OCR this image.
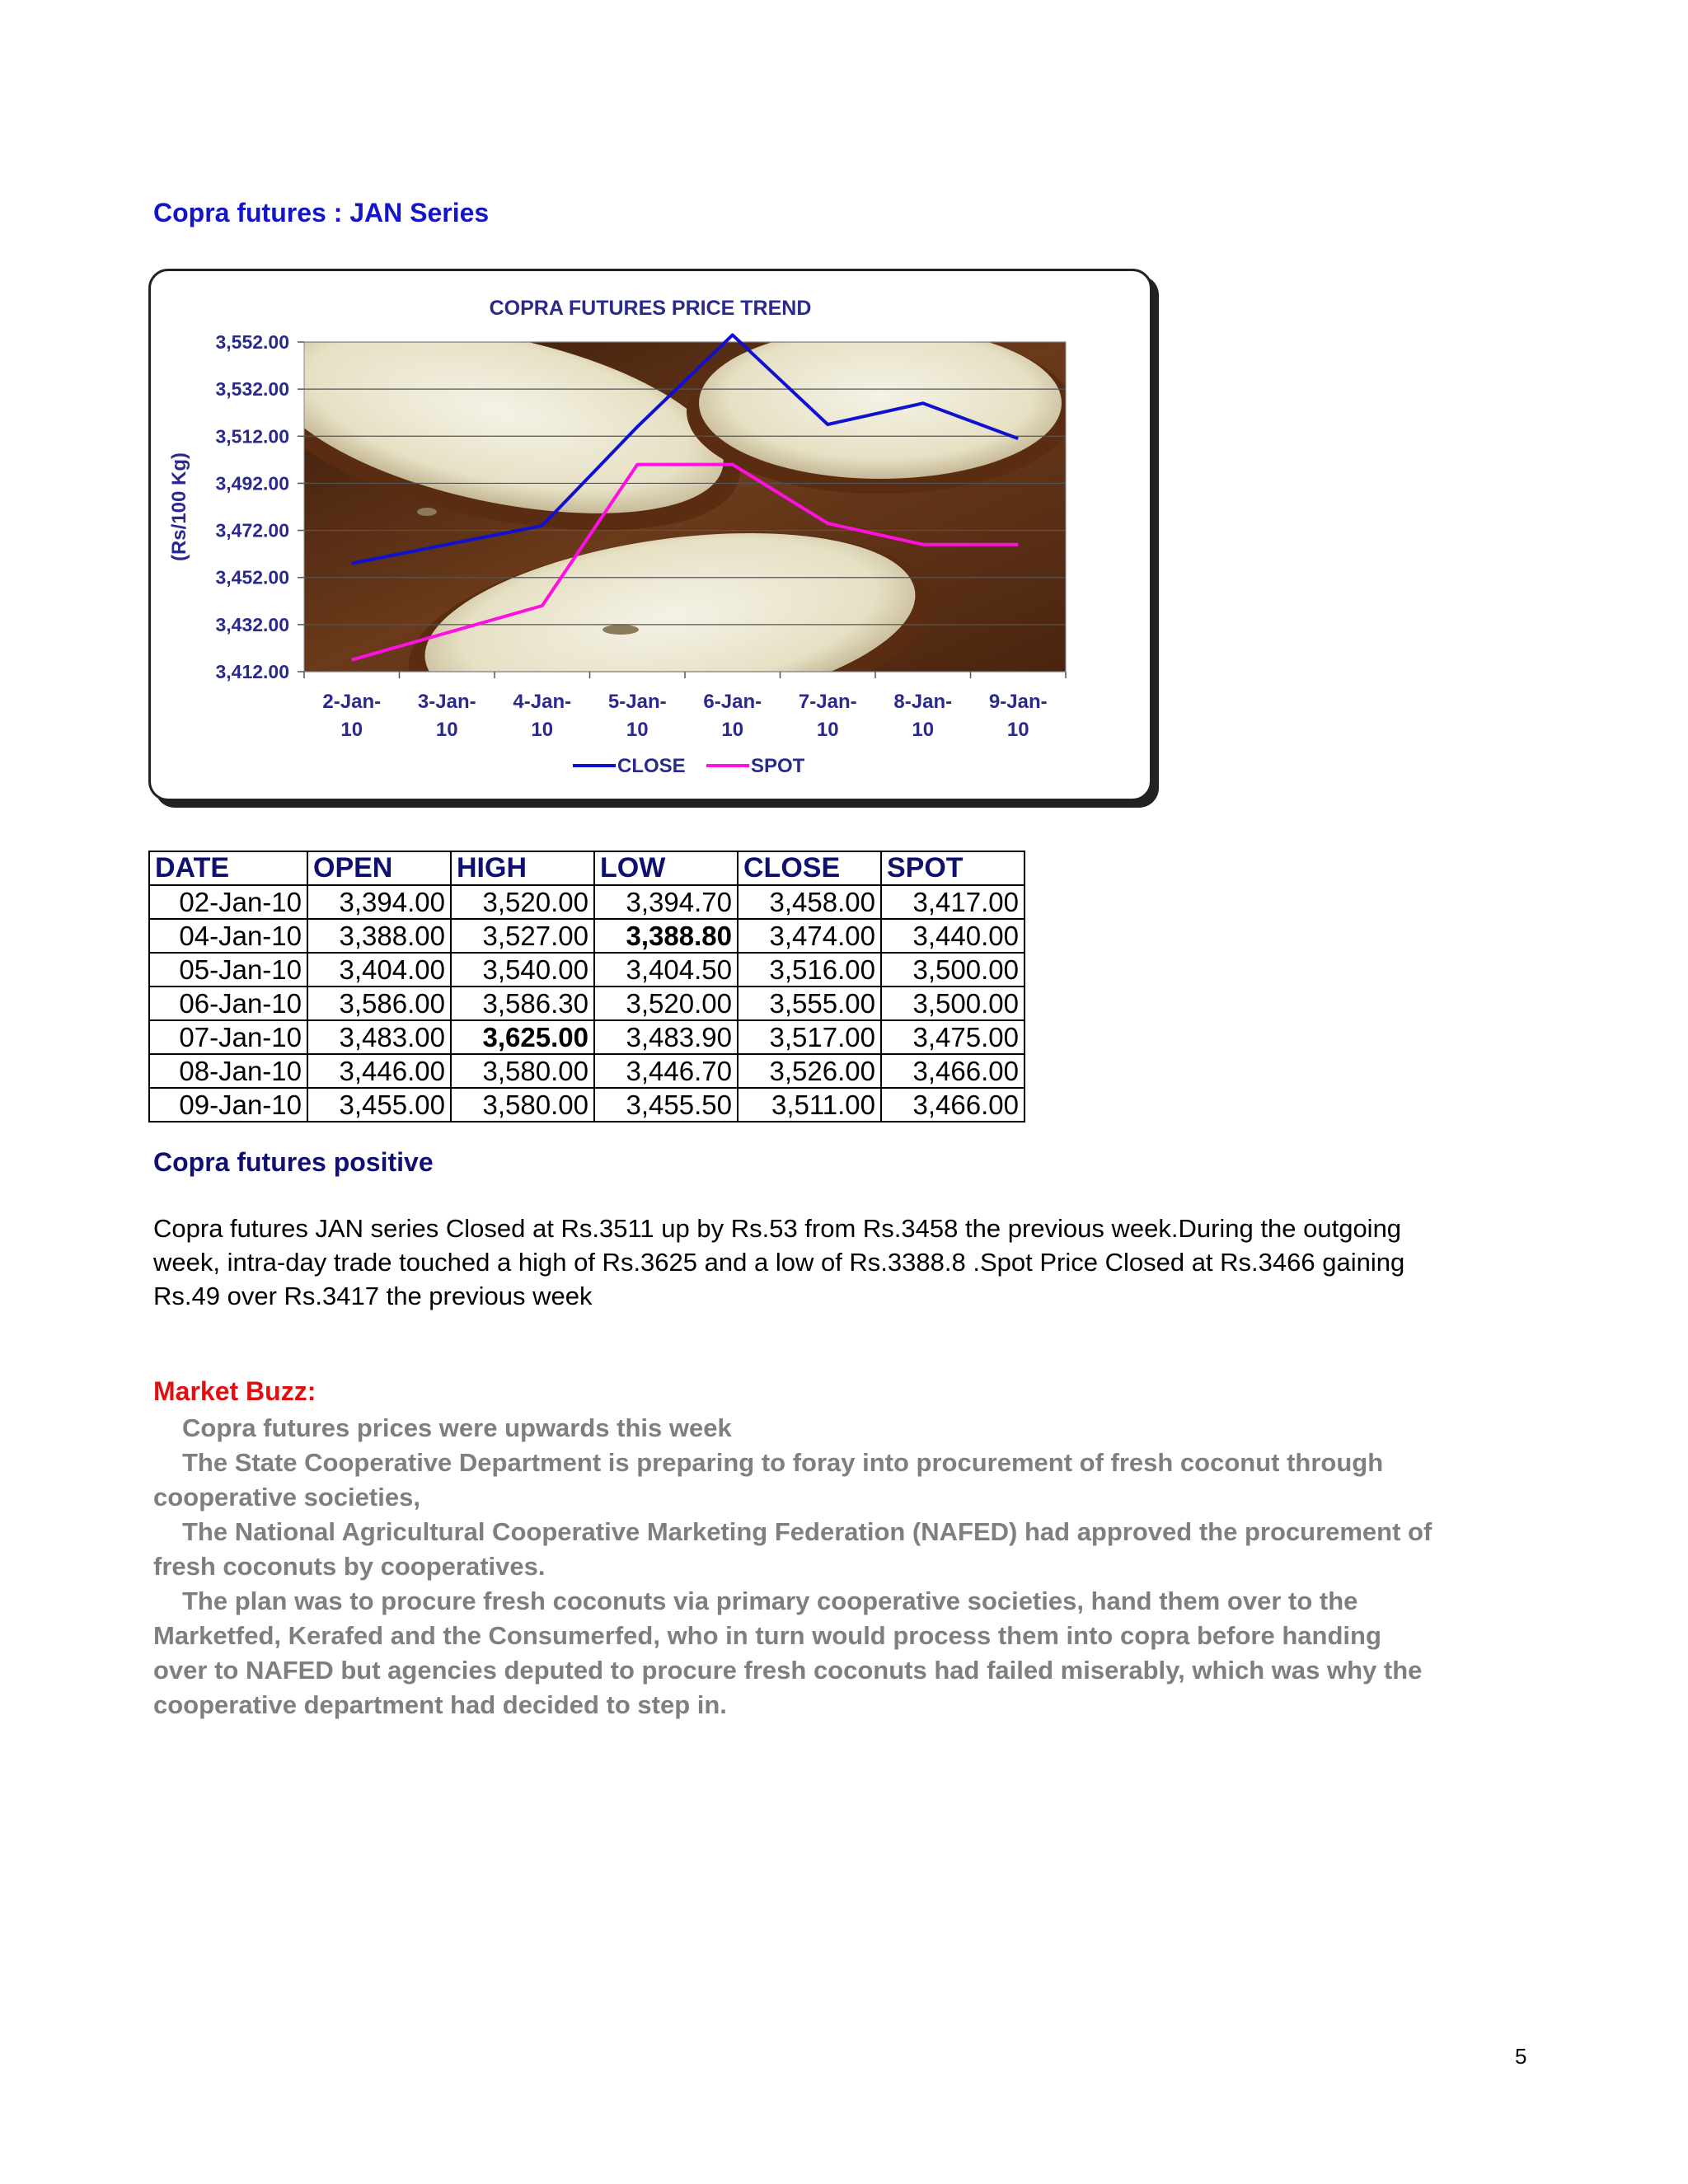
Copra futures : JAN Series
COPRA FUTURES PRICE TREND
3,552.00
3,532.00
3,512.00
3,492.00
3,472.00
3,452.00
3,432.00
3,412.00
(Rs/100 Kg)
2-Jan-10
3-Jan-10
4-Jan-10
5-Jan-10
6-Jan-10
7-Jan-10
8-Jan-10
9-Jan-10
CLOSE	SPOT
DATE	OPEN	HIGH	LOW	CLOSE	SPOT
02-Jan-10	3,394.00	3,520.00	3,394.70	3,458.00	3,417.00
04-Jan-10	3,388.00	3,527.00	3,388.80	3,474.00	3,440.00
05-Jan-10	3,404.00	3,540.00	3,404.50	3,516.00	3,500.00
06-Jan-10	3,586.00	3,586.30	3,520.00	3,555.00	3,500.00
07-Jan-10	3,483.00	3,625.00	3,483.90	3,517.00	3,475.00
08-Jan-10	3,446.00	3,580.00	3,446.70	3,526.00	3,466.00
09-Jan-10	3,455.00	3,580.00	3,455.50	3,511.00	3,466.00
Copra futures positive
Copra futures JAN series Closed at Rs.3511 up by Rs.53 from Rs.3458 the previous week.During the outgoing week, intra-day trade touched a high of Rs.3625 and a low of Rs.3388.8 .Spot Price Closed at Rs.3466 gaining Rs.49 over Rs.3417 the previous week
Market Buzz:

Copra futures prices were upwards this week

The State Cooperative Department is preparing to foray into procurement of fresh coconut through cooperative societies,

The National Agricultural Cooperative Marketing Federation (NAFED) had approved the procurement of fresh coconuts by cooperatives.

The plan was to procure fresh coconuts via primary cooperative societies, hand them over to the Marketfed, Kerafed and the Consumerfed, who in turn would process them into copra before handing over to NAFED but agencies deputed to procure fresh coconuts had failed miserably, which was why the cooperative department had decided to step in.

5
